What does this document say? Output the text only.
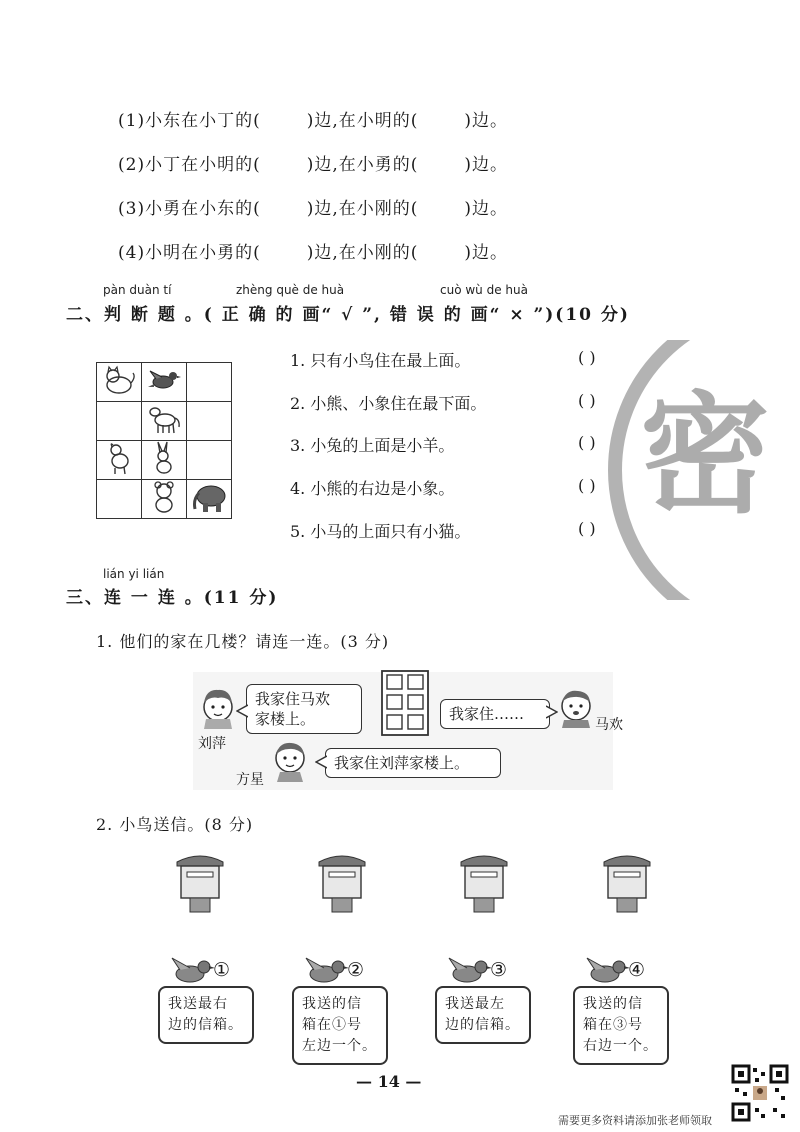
(1)小东在小丁的(	)边,在小明的(	)边。
(2)小丁在小明的(	)边,在小勇的(	)边。
(3)小勇在小东的(	)边,在小刚的(	)边。
(4)小明在小勇的(	)边,在小刚的(	)边。
pàn duàn tí	zhèng què de huà	cuò wù de huà
二、判 断 题 。( 正 确 的 画“ √ ”, 错 误 的 画“ × ”)(10 分)

1. 只有小鸟住在最上面。	( )
2. 小熊、小象住在最下面。	( )
3. 小兔的上面是小羊。	( )
4. 小熊的右边是小象。	( )
5. 小马的上面只有小猫。	( ) 密
lián yi lián
三、连 一 连 。(11 分)
1. 他们的家在几楼？请连一连。(3 分)
刘萍
我家住马欢
家楼上。	我家住……
马欢
方星
我家住刘萍家楼上。
2. 小鸟送信。(8 分)
①
我送最右
边的信箱。
②
我送的信
箱在①号
左边一个。
③
我送最左
边的信箱。
④
我送的信
箱在③号
右边一个。
— 14 —
需要更多资料请添加张老师领取
